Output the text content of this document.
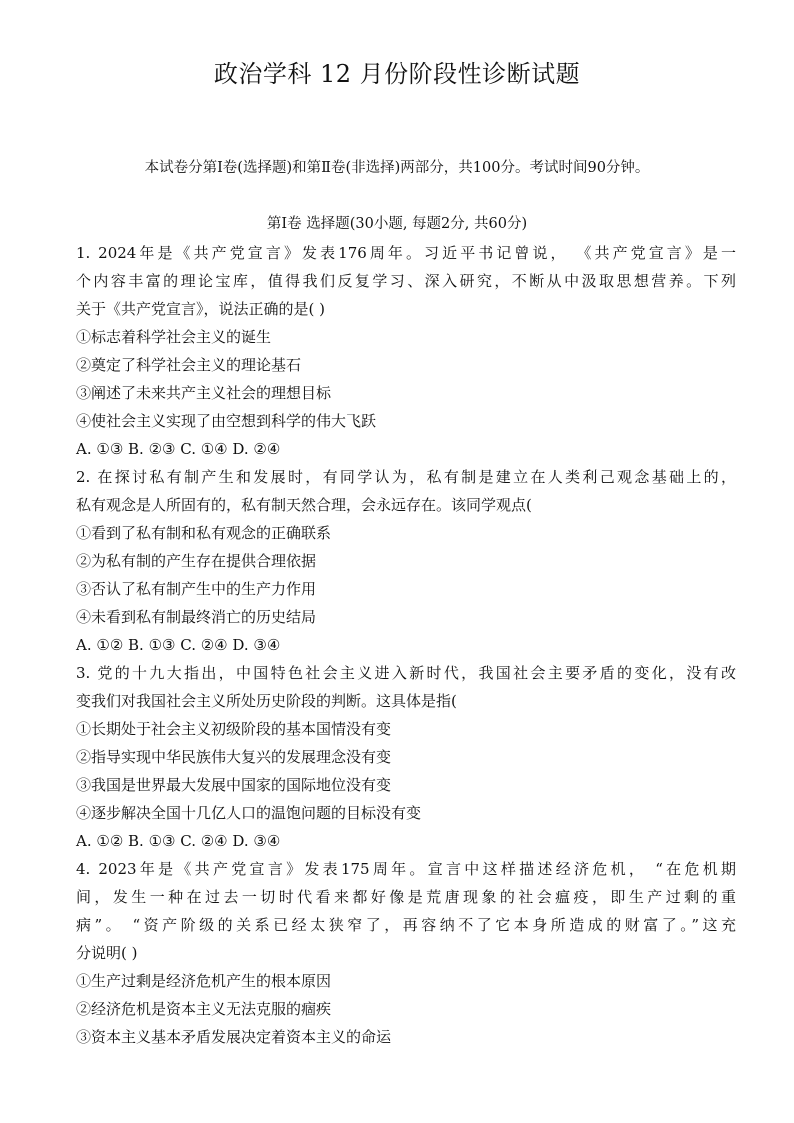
政治学科 12 月份阶段性诊断试题
本试卷分第Ⅰ卷(选择题)和第Ⅱ卷(非选择)两部分，共100分。考试时间90分钟。
第Ⅰ卷 选择题(30小题, 每题2分, 共60分)
1. 2024年是《共产党宣言》发表176周年。习近平书记曾说， 《共产党宣言》是一
个内容丰富的理论宝库，值得我们反复学习、深入研究，不断从中汲取思想营养。下列
关于《共产党宣言》，说法正确的是( )
①标志着科学社会主义的诞生
②奠定了科学社会主义的理论基石
③阐述了未来共产主义社会的理想目标
④使社会主义实现了由空想到科学的伟大飞跃
A. ①③ B. ②③ C. ①④ D. ②④
2. 在探讨私有制产生和发展时，有同学认为，私有制是建立在人类利己观念基础上的，
私有观念是人所固有的，私有制天然合理，会永远存在。该同学观点(
①看到了私有制和私有观念的正确联系
②为私有制的产生存在提供合理依据
③否认了私有制产生中的生产力作用
④未看到私有制最终消亡的历史结局
A. ①② B. ①③ C. ②④ D. ③④
3. 党的十九大指出，中国特色社会主义进入新时代，我国社会主要矛盾的变化，没有改
变我们对我国社会主义所处历史阶段的判断。这具体是指(
①长期处于社会主义初级阶段的基本国情没有变
②指导实现中华民族伟大复兴的发展理念没有变
③我国是世界最大发展中国家的国际地位没有变
④逐步解决全国十几亿人口的温饱问题的目标没有变
A. ①② B. ①③ C. ②④ D. ③④
4. 2023年是《共产党宣言》发表175周年。宣言中这样描述经济危机， “在危机期
间，发生一种在过去一切时代看来都好像是荒唐现象的社会瘟疫，即生产过剩的重
病”。 “资产阶级的关系已经太狭窄了，再容纳不了它本身所造成的财富了。”这充
分说明( )
①生产过剩是经济危机产生的根本原因
②经济危机是资本主义无法克服的痼疾
③资本主义基本矛盾发展决定着资本主义的命运
